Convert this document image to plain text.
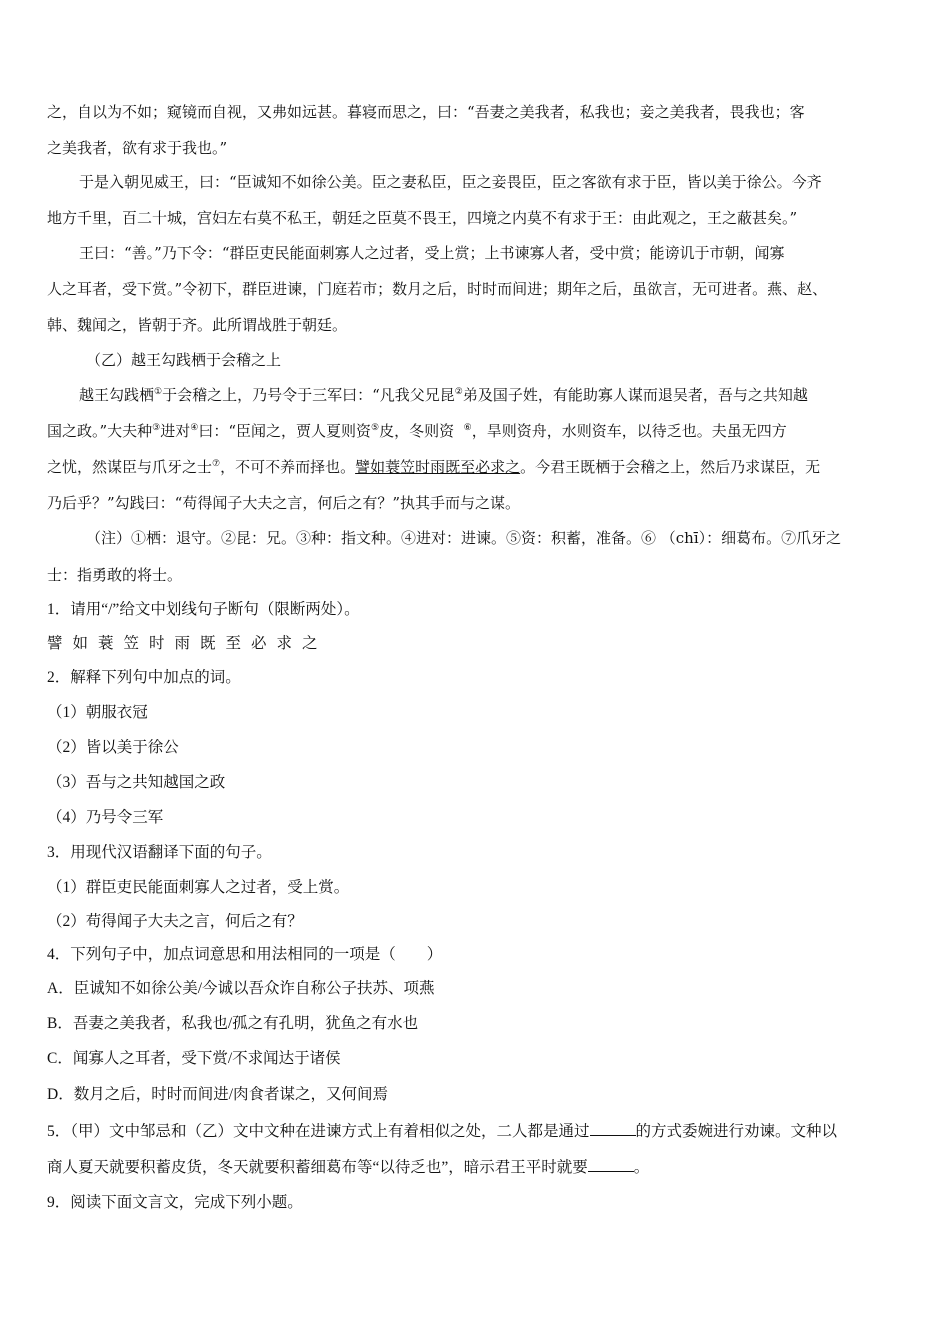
之，自以为不如；窥镜而自视，又弗如远甚。暮寝而思之，曰：“吾妻之美我者，私我也；妾之美我者，畏我也；客
之美我者，欲有求于我也。”
于是入朝见威王，曰：“臣诚知不如徐公美。臣之妻私臣，臣之妾畏臣，臣之客欲有求于臣，皆以美于徐公。今齐
地方千里，百二十城，宫妇左右莫不私王，朝廷之臣莫不畏王，四境之内莫不有求于王：由此观之，王之蔽甚矣。”
王曰：“善。”乃下令：“群臣吏民能面刺寡人之过者，受上赏；上书谏寡人者，受中赏；能谤讥于市朝，闻寡
人之耳者，受下赏。”令初下，群臣进谏，门庭若市；数月之后，时时而间进；期年之后，虽欲言，无可进者。燕、赵、
韩、魏闻之，皆朝于齐。此所谓战胜于朝廷。
（乙）越王勾践栖于会稽之上
越王勾践栖①于会稽之上，乃号令于三军曰：“凡我父兄昆②弟及国子姓，有能助寡人谋而退吴者，吾与之共知越
国之政。”大夫种③进对④曰：“臣闻之，贾人夏则资⑤皮，冬则资  ⑥，旱则资舟，水则资车，以待乏也。夫虽无四方
之忧，然谋臣与爪牙之士⑦，不可不养而择也。譬如蓑笠时雨既至必求之。今君王既栖于会稽之上，然后乃求谋臣，无
乃后乎？”勾践曰：“苟得闻子大夫之言，何后之有？”执其手而与之谋。
（注）①栖：退守。②昆：兄。③种：指文种。④进对：进谏。⑤资：积蓄，准备。⑥ （chī）：细葛布。⑦爪牙之
士：指勇敢的将士。
1．请用“/”给文中划线句子断句（限断两处）。
譬如蓑笠时雨既至必求之
2．解释下列句中加点的词。
（1）朝服衣冠
（2）皆以美于徐公
（3）吾与之共知越国之政
（4）乃号令三军
3．用现代汉语翻译下面的句子。
（1）群臣吏民能面刺寡人之过者，受上赏。
（2）苟得闻子大夫之言，何后之有？
4．下列句子中，加点词意思和用法相同的一项是（　　）
A．臣诚知不如徐公美/今诚以吾众诈自称公子扶苏、项燕
B．吾妻之美我者，私我也/孤之有孔明，犹鱼之有水也
C．闻寡人之耳者，受下赏/不求闻达于诸侯
D．数月之后，时时而间进/肉食者谋之，又何间焉
5．（甲）文中邹忌和（乙）文中文种在进谏方式上有着相似之处，二人都是通过	的方式委婉进行劝谏。文种以
商人夏天就要积蓄皮货，冬天就要积蓄细葛布等“以待乏也”，暗示君王平时就要	。
9．阅读下面文言文，完成下列小题。
